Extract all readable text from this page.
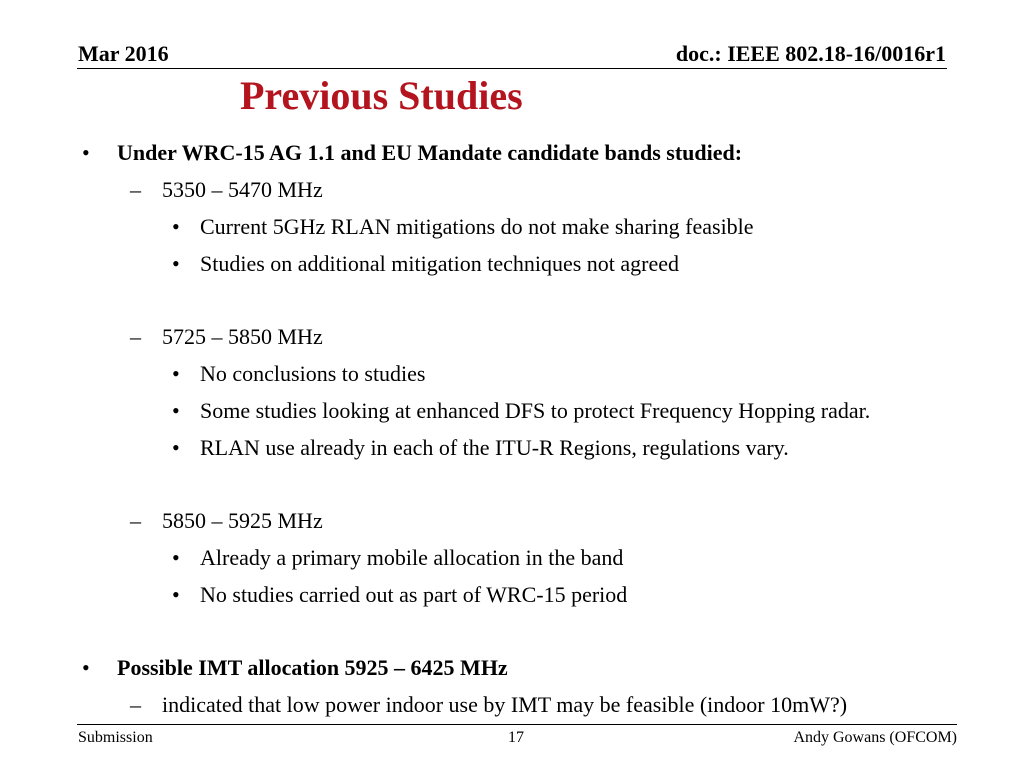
Mar 2016	doc.: IEEE 802.18-16/0016r1
Previous Studies
• Under WRC-15 AG 1.1 and EU Mandate candidate bands studied:
– 5350 – 5470 MHz
• Current 5GHz RLAN mitigations do not make sharing feasible
• Studies on additional mitigation techniques not agreed
– 5725 – 5850 MHz
• No conclusions to studies
• Some studies looking at enhanced DFS to protect Frequency Hopping radar.
• RLAN use already in each of the ITU-R Regions, regulations vary.
– 5850 – 5925 MHz
• Already a primary mobile allocation in the band
• No studies carried out as part of WRC-15 period
• Possible IMT allocation 5925 – 6425 MHz
– indicated that low power indoor use by IMT may be feasible (indoor 10mW?)
Submission	17	Andy Gowans (OFCOM)
